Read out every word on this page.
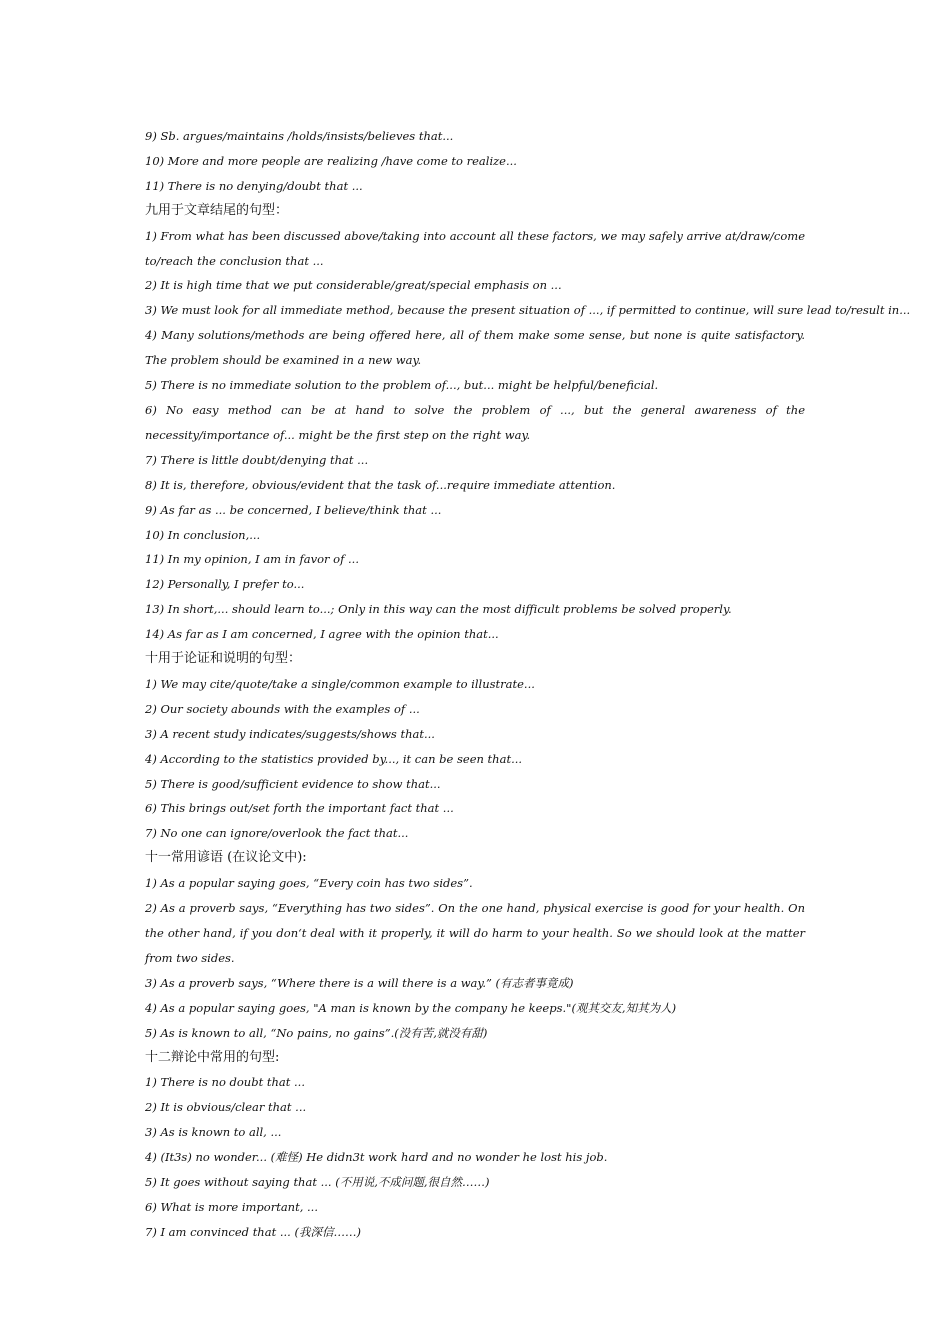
9) Sb. argues/maintains /holds/insists/believes that...
10) More and more people are realizing /have come to realize...
11) There is no denying/doubt that ...
九用于文章结尾的句型：
1) From what has been discussed above/taking into account all these factors, we may safely arrive at/draw/come to/reach the conclusion that ...
2) It is high time that we put considerable/great/special emphasis on ...
3) We must look for all immediate method, because the present situation of ..., if permitted to continue, will sure lead to/result in...
4) Many solutions/methods are being offered here, all of them make some sense, but none is quite satisfactory. The problem should be examined in a new way.
5) There is no immediate solution to the problem of..., but... might be helpful/beneficial.
6) No easy method can be at hand to solve the problem of ..., but the general awareness of the necessity/importance of... might be the first step on the right way.
7) There is little doubt/denying that ...
8) It is, therefore, obvious/evident that the task of...require immediate attention.
9) As far as ... be concerned, I believe/think that ...
10) In conclusion,...
11) In my opinion, I am in favor of ...
12) Personally, I prefer to...
13) In short,... should learn to...; Only in this way can the most difficult problems be solved properly.
14) As far as I am concerned, I agree with the opinion that...
十用于论证和说明的句型：
1) We may cite/quote/take a single/common example to illustrate...
2) Our society abounds with the examples of ...
3) A recent study indicates/suggests/shows that...
4) According to the statistics provided by..., it can be seen that...
5) There is good/sufficient evidence to show that...
6) This brings out/set forth the important fact that ...
7) No one can ignore/overlook the fact that...
十一常用谚语 (在议论文中):
1) As a popular saying goes, “Every coin has two sides”.
2) As a proverb says, “Everything has two sides”. On the one hand, physical exercise is good for your health. On the other hand, if you don‘t deal with it properly, it will do harm to your health. So we should look at the matter from two sides.
3) As a proverb says, “Where there is a will there is a way.” (有志者事竟成)
4) As a popular saying goes, "A man is known by the company he keeps."(观其交友,知其为人)
5) As is known to all, “No pains, no gains”.(没有苦,就没有甜)
十二辩论中常用的句型:
1) There is no doubt that ...
2) It is obvious/clear that ...
3) As is known to all, ...
4) (It3s) no wonder... (难怪) He didn3t work hard and no wonder he lost his job.
5) It goes without saying that ... (不用说,不成问题,很自然……)
6) What is more important, ...
7) I am convinced that ... (我深信……)
